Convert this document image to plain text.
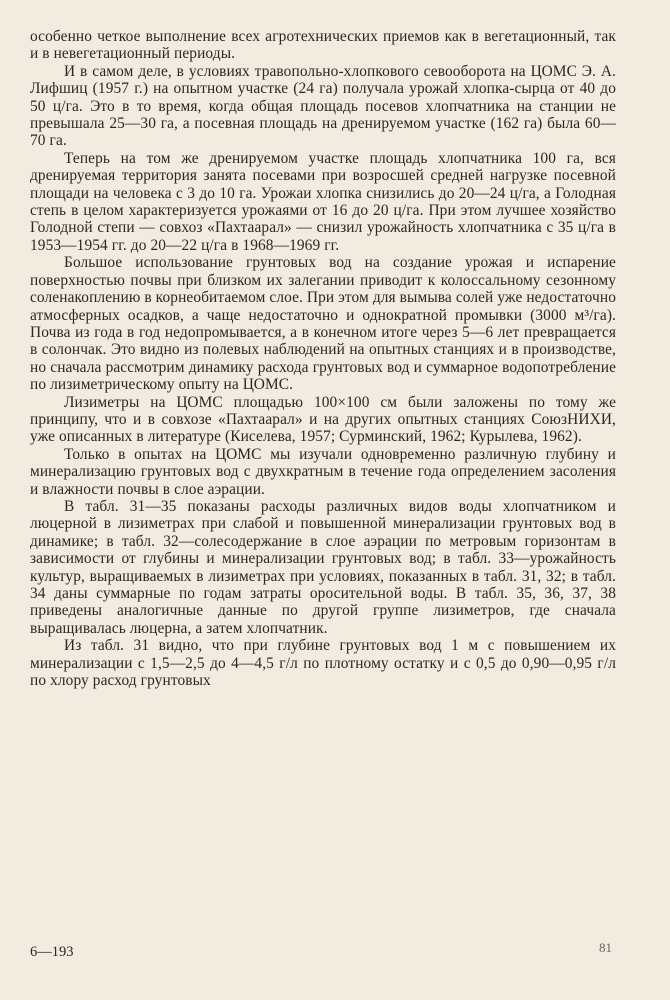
особенно четкое выполнение всех агротехнических приемов как в вегетационный, так и в невегетационный периоды.

И в самом деле, в условиях травопольно-хлопкового севооборота на ЦОМС Э. А. Лифшиц (1957 г.) на опытном участке (24 га) получала урожай хлопка-сырца от 40 до 50 ц/га. Это в то время, когда общая площадь посевов хлопчатника на станции не превышала 25—30 га, а посевная площадь на дренируемом участке (162 га) была 60—70 га.

Теперь на том же дренируемом участке площадь хлопчатника 100 га, вся дренируемая территория занята посевами при возросшей средней нагрузке посевной площади на человека с 3 до 10 га. Урожаи хлопка снизились до 20—24 ц/га, а Голодная степь в целом характеризуется урожаями от 16 до 20 ц/га. При этом лучшее хозяйство Голодной степи — совхоз «Пахтаарал» — снизил урожайность хлопчатника с 35 ц/га в 1953—1954 гг. до 20—22 ц/га в 1968—1969 гг.

Большое использование грунтовых вод на создание урожая и испарение поверхностью почвы при близком их залегании приводит к колоссальному сезонному соленакоплению в корнеобитаемом слое. При этом для вымыва солей уже недостаточно атмосферных осадков, а чаще недостаточно и однократной промывки (3000 м³/га). Почва из года в год недопромывается, а в конечном итоге через 5—6 лет превращается в солончак. Это видно из полевых наблюдений на опытных станциях и в производстве, но сначала рассмотрим динамику расхода грунтовых вод и суммарное водопотребление по лизиметрическому опыту на ЦОМС.

Лизиметры на ЦОМС площадью 100×100 см были заложены по тому же принципу, что и в совхозе «Пахтаарал» и на других опытных станциях СоюзНИХИ, уже описанных в литературе (Киселева, 1957; Сурминский, 1962; Курылева, 1962).

Только в опытах на ЦОМС мы изучали одновременно различную глубину и минерализацию грунтовых вод с двухкратным в течение года определением засоления и влажности почвы в слое аэрации.

В табл. 31—35 показаны расходы различных видов воды хлопчатником и люцерной в лизиметрах при слабой и повышенной минерализации грунтовых вод в динамике; в табл. 32—солесодержание в слое аэрации по метровым горизонтам в зависимости от глубины и минерализации грунтовых вод; в табл. 33—урожайность культур, выращиваемых в лизиметрах при условиях, показанных в табл. 31, 32; в табл. 34 даны суммарные по годам затраты оросительной воды. В табл. 35, 36, 37, 38 приведены аналогичные данные по другой группе лизиметров, где сначала выращивалась люцерна, а затем хлопчатник.

Из табл. 31 видно, что при глубине грунтовых вод 1 м с повышением их минерализации с 1,5—2,5 до 4—4,5 г/л по плотному остатку и с 0,5 до 0,90—0,95 г/л по хлору расход грунтовых

6—193	81
